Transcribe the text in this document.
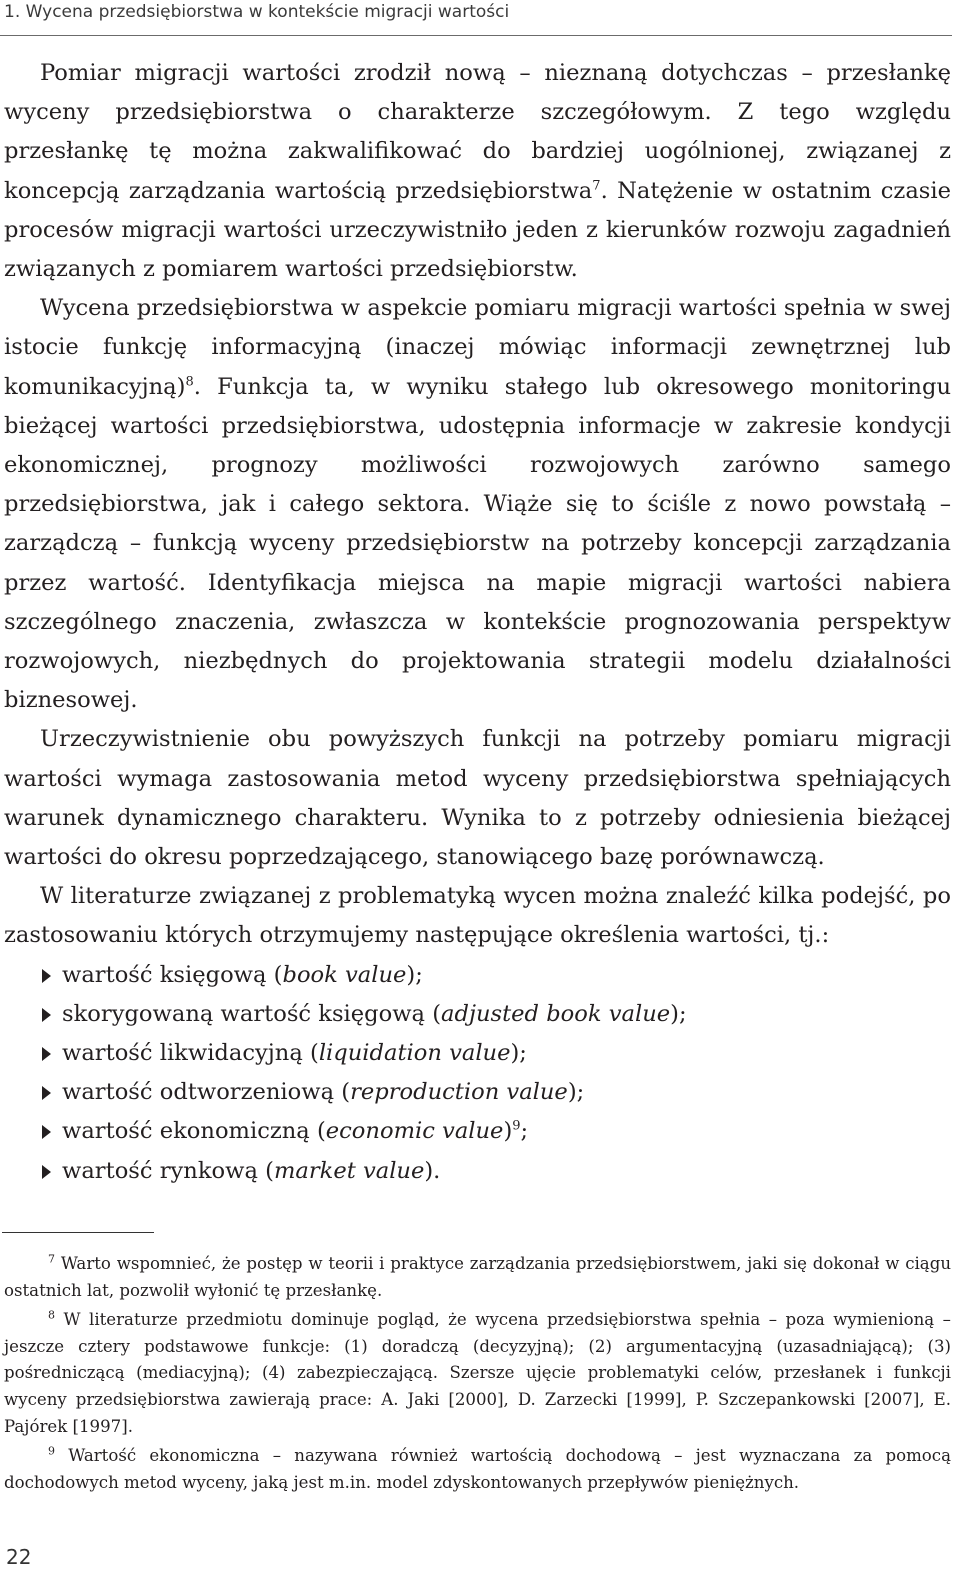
1. Wycena przedsiębiorstwa w kontekście migracji wartości

Pomiar migracji wartości zrodził nową – nieznaną dotychczas – przesłankę wyceny przedsiębiorstwa o charakterze szczegółowym. Z tego względu przesłankę tę można zakwalifikować do bardziej uogólnionej, związanej z koncepcją zarządzania wartością przedsiębiorstwa$^7$. Natężenie w ostatnim czasie procesów migracji wartości urzeczywistniło jeden z kierunków rozwoju zagadnień związanych z pomiarem wartości przedsiębiorstw.

Wycena przedsiębiorstwa w aspekcie pomiaru migracji wartości spełnia w swej istocie funkcję informacyjną (inaczej mówiąc informacji zewnętrznej lub komunikacyjną)$^8$. Funkcja ta, w wyniku stałego lub okresowego monitoringu bieżącej wartości przedsiębiorstwa, udostępnia informacje w zakresie kondycji ekonomicznej, prognozy możliwości rozwojowych zarówno samego przedsiębiorstwa, jak i całego sektora. Wiąże się to ściśle z nowo powstałą – zarządczą – funkcją wyceny przedsiębiorstw na potrzeby koncepcji zarządzania przez wartość. Identyfikacja miejsca na mapie migracji wartości nabiera szczególnego znaczenia, zwłaszcza w kontekście prognozowania perspektyw rozwojowych, niezbędnych do projektowania strategii modelu działalności biznesowej.

Urzeczywistnienie obu powyższych funkcji na potrzeby pomiaru migracji wartości wymaga zastosowania metod wyceny przedsiębiorstwa spełniających warunek dynamicznego charakteru. Wynika to z potrzeby odniesienia bieżącej wartości do okresu poprzedzającego, stanowiącego bazę porównawczą.

W literaturze związanej z problematyką wycen można znaleźć kilka podejść, po zastosowaniu których otrzymujemy następujące określenia wartości, tj.:

wartość księgową (book value);
skorygowaną wartość księgową (adjusted book value);
wartość likwidacyjną (liquidation value);
wartość odtworzeniową (reproduction value);
wartość ekonomiczną (economic value)$^9$;
wartość rynkową (market value).

$^7$ Warto wspomnieć, że postęp w teorii i praktyce zarządzania przedsiębiorstwem, jaki się dokonał w ciągu ostatnich lat, pozwolił wyłonić tę przesłankę.

$^8$ W literaturze przedmiotu dominuje pogląd, że wycena przedsiębiorstwa spełnia – poza wymienioną – jeszcze cztery podstawowe funkcje: (1) doradczą (decyzyjną); (2) argumentacyjną (uzasadniającą); (3) pośredniczącą (mediacyjną); (4) zabezpieczającą. Szersze ujęcie problematyki celów, przesłanek i funkcji wyceny przedsiębiorstwa zawierają prace: A. Jaki [2000], D. Zarzecki [1999], P. Szczepankowski [2007], E. Pajórek [1997].

$^9$ Wartość ekonomiczna – nazywana również wartością dochodową – jest wyznaczana za pomocą dochodowych metod wyceny, jaką jest m.in. model zdyskontowanych przepływów pieniężnych.

22
